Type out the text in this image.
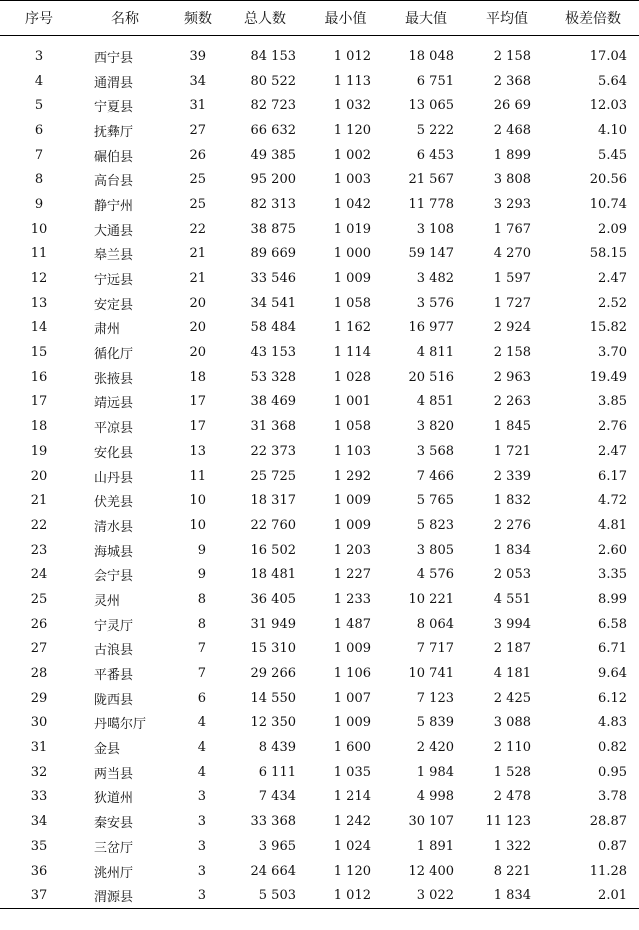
序号	名称	频数	总人数	最小值	最大值	平均值	极差倍数
3	西宁县	39	84 153	1 012	18 048	2 158	17.04
4	通渭县	34	80 522	1 113	6 751	2 368	5.64
5	宁夏县	31	82 723	1 032	13 065	26 69	12.03
6	抚彝厅	27	66 632	1 120	5 222	2 468	4.10
7	碾伯县	26	49 385	1 002	6 453	1 899	5.45
8	高台县	25	95 200	1 003	21 567	3 808	20.56
9	静宁州	25	82 313	1 042	11 778	3 293	10.74
10	大通县	22	38 875	1 019	3 108	1 767	2.09
11	皋兰县	21	89 669	1 000	59 147	4 270	58.15
12	宁远县	21	33 546	1 009	3 482	1 597	2.47
13	安定县	20	34 541	1 058	3 576	1 727	2.52
14	肃州	20	58 484	1 162	16 977	2 924	15.82
15	循化厅	20	43 153	1 114	4 811	2 158	3.70
16	张掖县	18	53 328	1 028	20 516	2 963	19.49
17	靖远县	17	38 469	1 001	4 851	2 263	3.85
18	平凉县	17	31 368	1 058	3 820	1 845	2.76
19	安化县	13	22 373	1 103	3 568	1 721	2.47
20	山丹县	11	25 725	1 292	7 466	2 339	6.17
21	伏羌县	10	18 317	1 009	5 765	1 832	4.72
22	清水县	10	22 760	1 009	5 823	2 276	4.81
23	海城县	9	16 502	1 203	3 805	1 834	2.60
24	会宁县	9	18 481	1 227	4 576	2 053	3.35
25	灵州	8	36 405	1 233	10 221	4 551	8.99
26	宁灵厅	8	31 949	1 487	8 064	3 994	6.58
27	古浪县	7	15 310	1 009	7 717	2 187	6.71
28	平番县	7	29 266	1 106	10 741	4 181	9.64
29	陇西县	6	14 550	1 007	7 123	2 425	6.12
30	丹噶尔厅	4	12 350	1 009	5 839	3 088	4.83
31	金县	4	8 439	1 600	2 420	2 110	0.82
32	两当县	4	6 111	1 035	1 984	1 528	0.95
33	狄道州	3	7 434	1 214	4 998	2 478	3.78
34	秦安县	3	33 368	1 242	30 107	11 123	28.87
35	三岔厅	3	3 965	1 024	1 891	1 322	0.87
36	洮州厅	3	24 664	1 120	12 400	8 221	11.28
37	渭源县	3	5 503	1 012	3 022	1 834	2.01
